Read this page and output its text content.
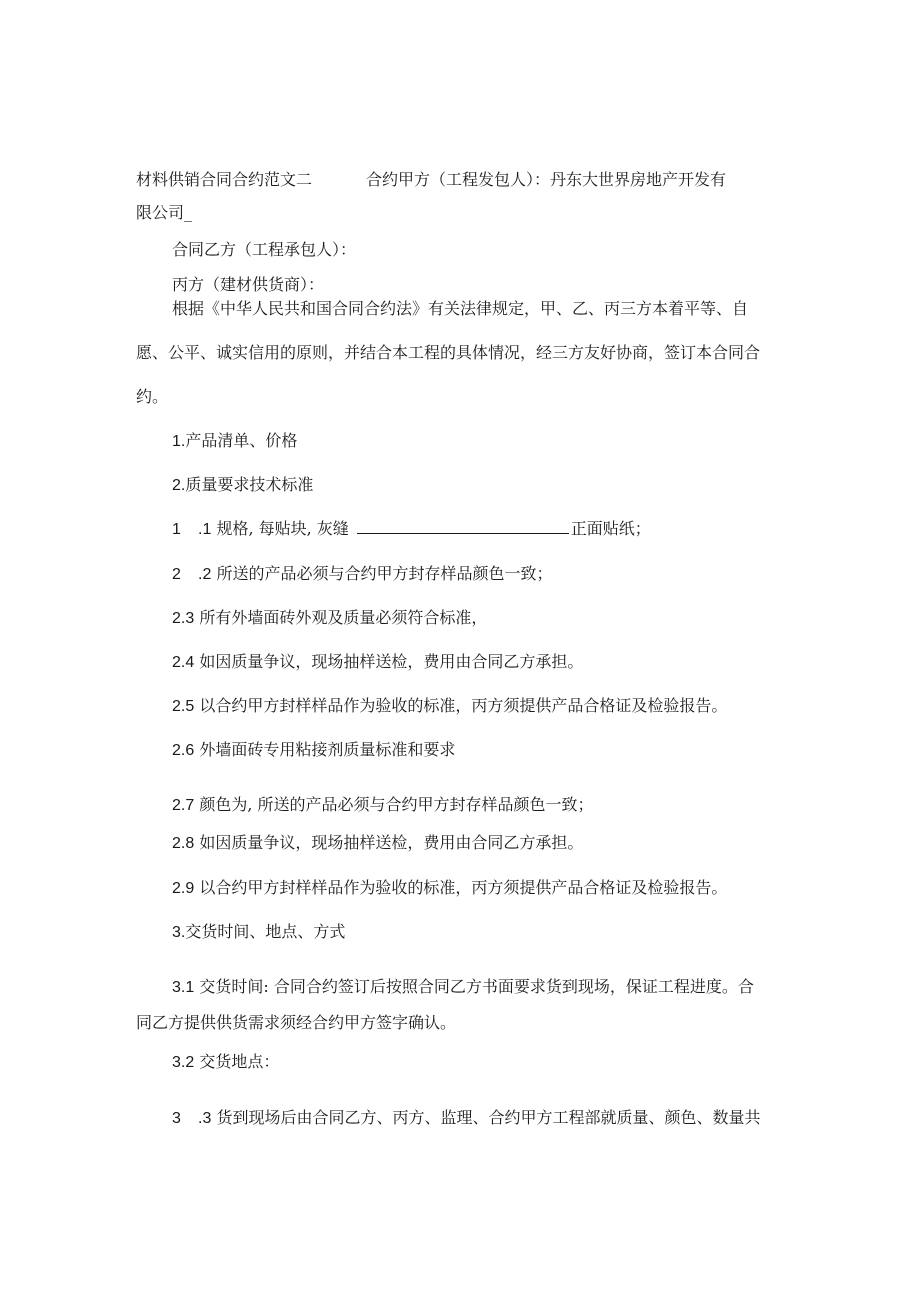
材料供销合同合约范文二	合约甲方（工程发包人）：丹东大世界房地产开发有
限公司_
合同乙方（工程承包人）：
丙方（建材供货商）：
根据《中华人民共和国合同合约法》有关法律规定，甲、乙、丙三方本着平等、自
愿、公平、诚实信用的原则，并结合本工程的具体情况，经三方友好协商，签订本合同合
约。
1.产品清单、价格
2.质量要求技术标准
1 .1 规格, 每贴块, 灰缝	正面贴纸；
2 .2 所送的产品必须与合约甲方封存样品颜色一致；
2.3 所有外墙面砖外观及质量必须符合标准，
2.4 如因质量争议，现场抽样送检，费用由合同乙方承担。
2.5 以合约甲方封样样品作为验收的标准，丙方须提供产品合格证及检验报告。
2.6 外墙面砖专用粘接剂质量标准和要求
2.7 颜色为, 所送的产品必须与合约甲方封存样品颜色一致；
2.8 如因质量争议，现场抽样送检，费用由合同乙方承担。
2.9 以合约甲方封样样品作为验收的标准，丙方须提供产品合格证及检验报告。
3.交货时间、地点、方式
3.1 交货时间: 合同合约签订后按照合同乙方书面要求货到现场，保证工程进度。合
同乙方提供供货需求须经合约甲方签字确认。
3.2 交货地点：
3 .3 货到现场后由合同乙方、丙方、监理、合约甲方工程部就质量、颜色、数量共
